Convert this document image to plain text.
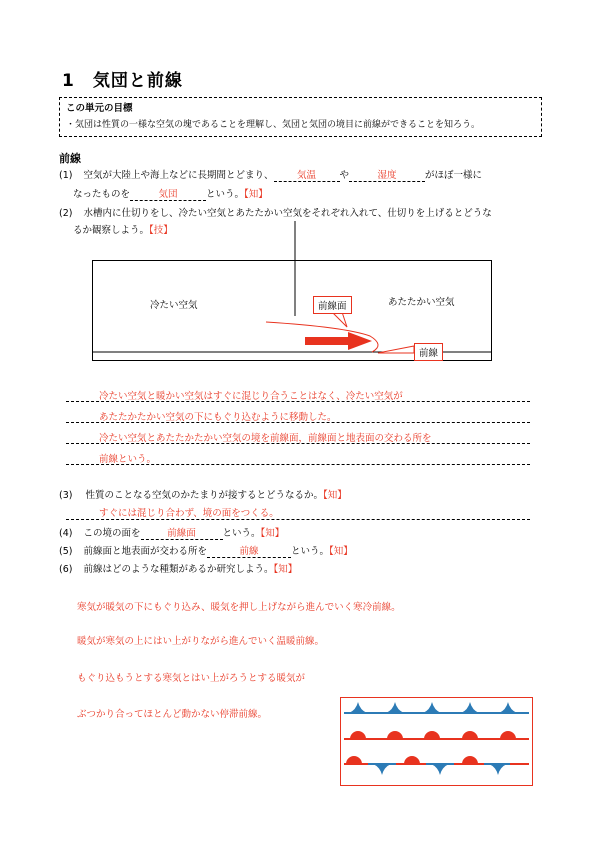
1 気団と前線
この単元の目標
・気団は性質の一様な空気の塊であることを理解し、気団と気団の境目に前線ができることを知ろう。
前線
(1) 空気が大陸上や海上などに長期間とどまり、 気温 や	湿度	がほぼ一様に
なったものを	気団	という。【知】
(2) 水槽内に仕切りをし、冷たい空気とあたたかい空気をそれぞれ入れて、仕切りを上げるとどうな
るか観察しよう。【技】
冷たい空気	あたたかい空気
前線面
前線
冷たい空気と暖かい空気はすぐに混じり合うことはなく、冷たい空気が
あたたかたかい空気の下にもぐり込むように移動した。
冷たい空気とあたたかたかい空気の境を前線面，前線面と地表面の交わる所を
前線という。
(3) 性質のことなる空気のかたまりが接するとどうなるか。【知】
すぐには混じり合わず、境の面をつくる。
(4) この境の面を	前線面	という。【知】
(5) 前線面と地表面が交わる所を	前線	という。【知】
(6) 前線はどのような種類があるか研究しよう。【知】
寒気が暖気の下にもぐり込み、暖気を押し上げながら進んでいく寒冷前線。
暖気が寒気の上にはい上がりながら進んでいく温暖前線。
もぐり込もうとする寒気とはい上がろうとする暖気が
ぶつかり合ってほとんど動かない停滞前線。
